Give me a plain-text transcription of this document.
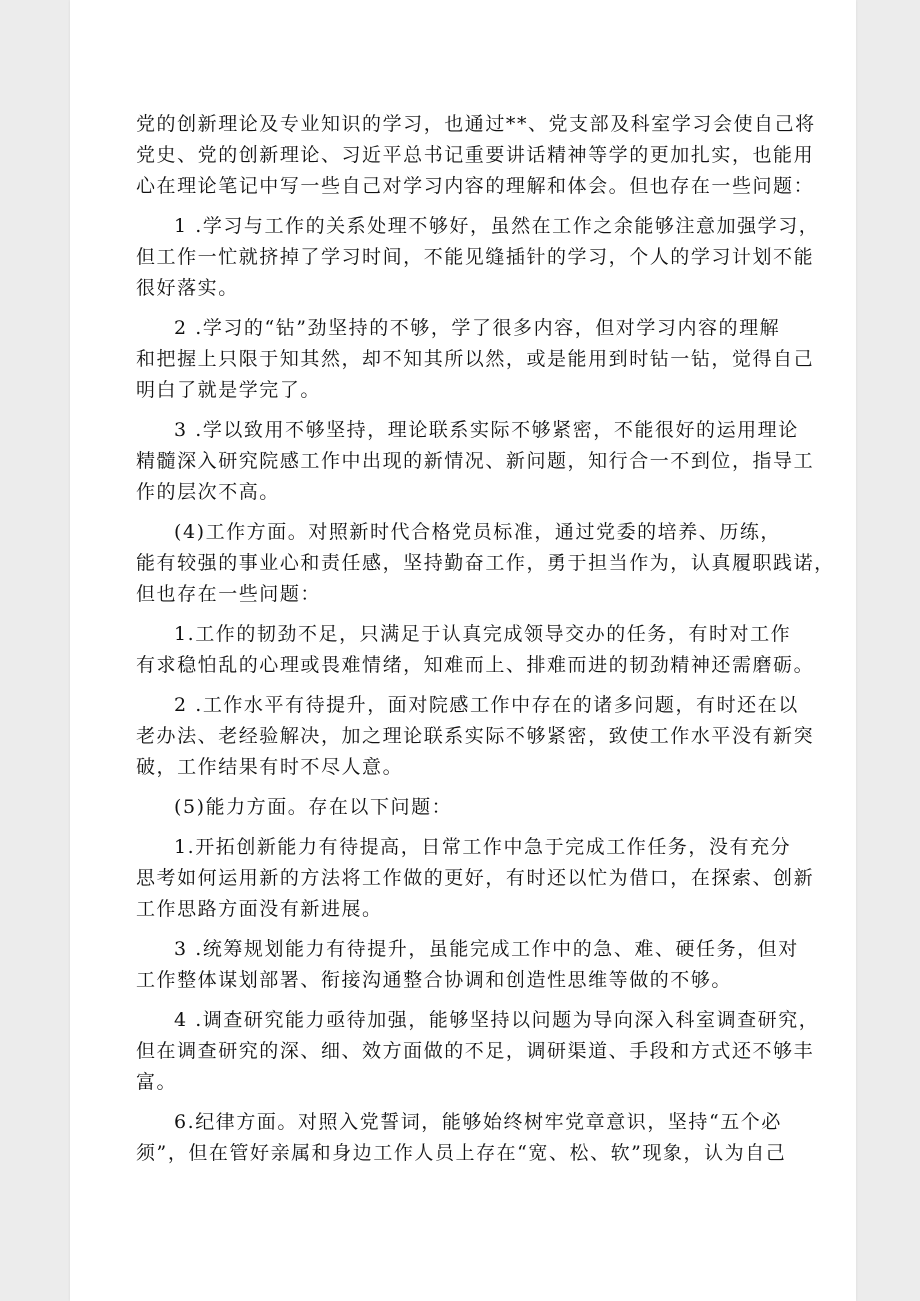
党的创新理论及专业知识的学习，也通过**、党支部及科室学习会使自己将
党史、党的创新理论、习近平总书记重要讲话精神等学的更加扎实，也能用
心在理论笔记中写一些自己对学习内容的理解和体会。但也存在一些问题：
1 .学习与工作的关系处理不够好，虽然在工作之余能够注意加强学习，
但工作一忙就挤掉了学习时间，不能见缝插针的学习，个人的学习计划不能
很好落实。
2 .学习的“钻”劲坚持的不够，学了很多内容，但对学习内容的理解
和把握上只限于知其然，却不知其所以然，或是能用到时钻一钻，觉得自己
明白了就是学完了。
3 .学以致用不够坚持，理论联系实际不够紧密，不能很好的运用理论
精髓深入研究院感工作中出现的新情况、新问题，知行合一不到位，指导工
作的层次不高。
(4)工作方面。对照新时代合格党员标准，通过党委的培养、历练，
能有较强的事业心和责任感，坚持勤奋工作，勇于担当作为，认真履职践诺，
但也存在一些问题：
1.工作的韧劲不足，只满足于认真完成领导交办的任务，有时对工作
有求稳怕乱的心理或畏难情绪，知难而上、排难而进的韧劲精神还需磨砺。
2 .工作水平有待提升，面对院感工作中存在的诸多问题，有时还在以
老办法、老经验解决，加之理论联系实际不够紧密，致使工作水平没有新突
破，工作结果有时不尽人意。
(5)能力方面。存在以下问题：
1.开拓创新能力有待提高，日常工作中急于完成工作任务，没有充分
思考如何运用新的方法将工作做的更好，有时还以忙为借口，在探索、创新
工作思路方面没有新进展。
3 .统筹规划能力有待提升，虽能完成工作中的急、难、硬任务，但对
工作整体谋划部署、衔接沟通整合协调和创造性思维等做的不够。
4 .调查研究能力亟待加强，能够坚持以问题为导向深入科室调查研究，
但在调查研究的深、细、效方面做的不足，调研渠道、手段和方式还不够丰
富。
6.纪律方面。对照入党誓词，能够始终树牢党章意识，坚持“五个必
须”，但在管好亲属和身边工作人员上存在“宽、松、软”现象，认为自己
